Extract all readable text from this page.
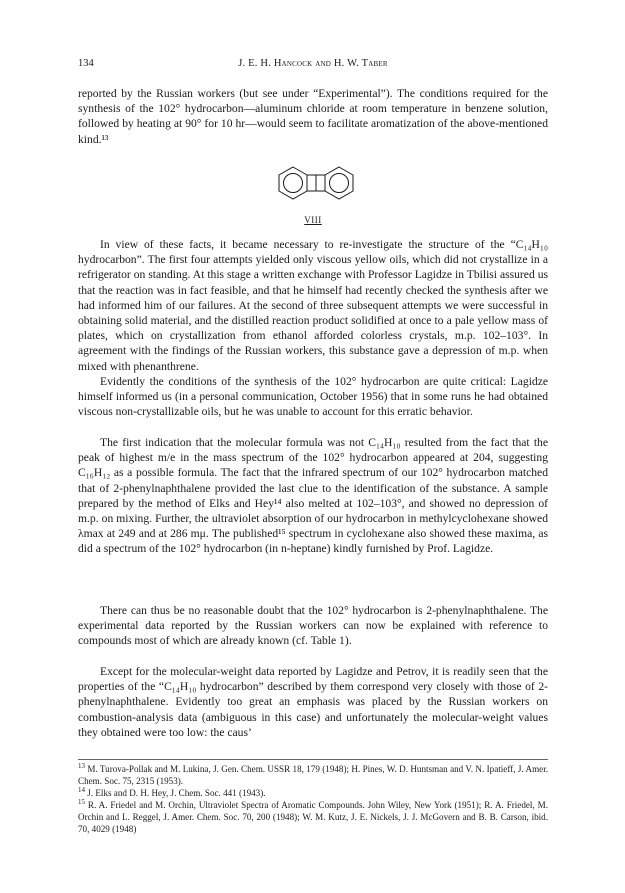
134	J. E. H. Hancock and H. W. Taber

reported by the Russian workers (but see under “Experimental”). The conditions required for the synthesis of the 102° hydrocarbon—aluminum chloride at room temperature in benzene solution, followed by heating at 90° for 10 hr—would seem to facilitate aromatization of the above-mentioned kind.¹³

VIII

In view of these facts, it became necessary to re-investigate the structure of the “C₁₄H₁₀ hydrocarbon”. The first four attempts yielded only viscous yellow oils, which did not crystallize in a refrigerator on standing. At this stage a written exchange with Professor Lagidze in Tbilisi assured us that the reaction was in fact feasible, and that he himself had recently checked the synthesis after we had informed him of our failures. At the second of three subsequent attempts we were successful in obtaining solid material, and the distilled reaction product solidified at once to a pale yellow mass of plates, which on crystallization from ethanol afforded colorless crystals, m.p. 102–103°. In agreement with the findings of the Russian workers, this substance gave a depression of m.p. when mixed with phenanthrene.

Evidently the conditions of the synthesis of the 102° hydrocarbon are quite critical: Lagidze himself informed us (in a personal communication, October 1956) that in some runs he had obtained viscous non-crystallizable oils, but he was unable to account for this erratic behavior.

The first indication that the molecular formula was not C₁₄H₁₀ resulted from the fact that the peak of highest m/e in the mass spectrum of the 102° hydrocarbon appeared at 204, suggesting C₁₆H₁₂ as a possible formula. The fact that the infrared spectrum of our 102° hydrocarbon matched that of 2-phenylnaphthalene provided the last clue to the identification of the substance. A sample prepared by the method of Elks and Hey¹⁴ also melted at 102–103°, and showed no depression of m.p. on mixing. Further, the ultraviolet absorption of our hydrocarbon in methylcyclohexane showed λmax at 249 and at 286 mμ. The published¹⁵ spectrum in cyclohexane also showed these maxima, as did a spectrum of the 102° hydrocarbon (in n-heptane) kindly furnished by Prof. Lagidze.

There can thus be no reasonable doubt that the 102° hydrocarbon is 2-phenylnaphthalene. The experimental data reported by the Russian workers can now be explained with reference to compounds most of which are already known (cf. Table 1).

Except for the molecular-weight data reported by Lagidze and Petrov, it is readily seen that the properties of the “C₁₄H₁₀ hydrocarbon” described by them correspond very closely with those of 2-phenylnaphthalene. Evidently too great an emphasis was placed by the Russian workers on combustion-analysis data (ambiguous in this case) and unfortunately the molecular-weight values they obtained were too low: the caus’

$^{13}$ M. Turova-Pollak and M. Lukina, J. Gen. Chem. USSR 18, 179 (1948); H. Pines, W. D. Huntsman and V. N. Ipatieff, J. Amer. Chem. Soc. 75, 2315 (1953).

$^{14}$ J. Elks and D. H. Hey, J. Chem. Soc. 441 (1943).

$^{15}$ R. A. Friedel and M. Orchin, Ultraviolet Spectra of Aromatic Compounds. John Wiley, New York (1951); R. A. Friedel, M. Orchin and L. Reggel, J. Amer. Chem. Soc. 70, 200 (1948); W. M. Kutz, J. E. Nickels, J. J. McGovern and B. B. Carson, ibid. 70, 4029 (1948)
